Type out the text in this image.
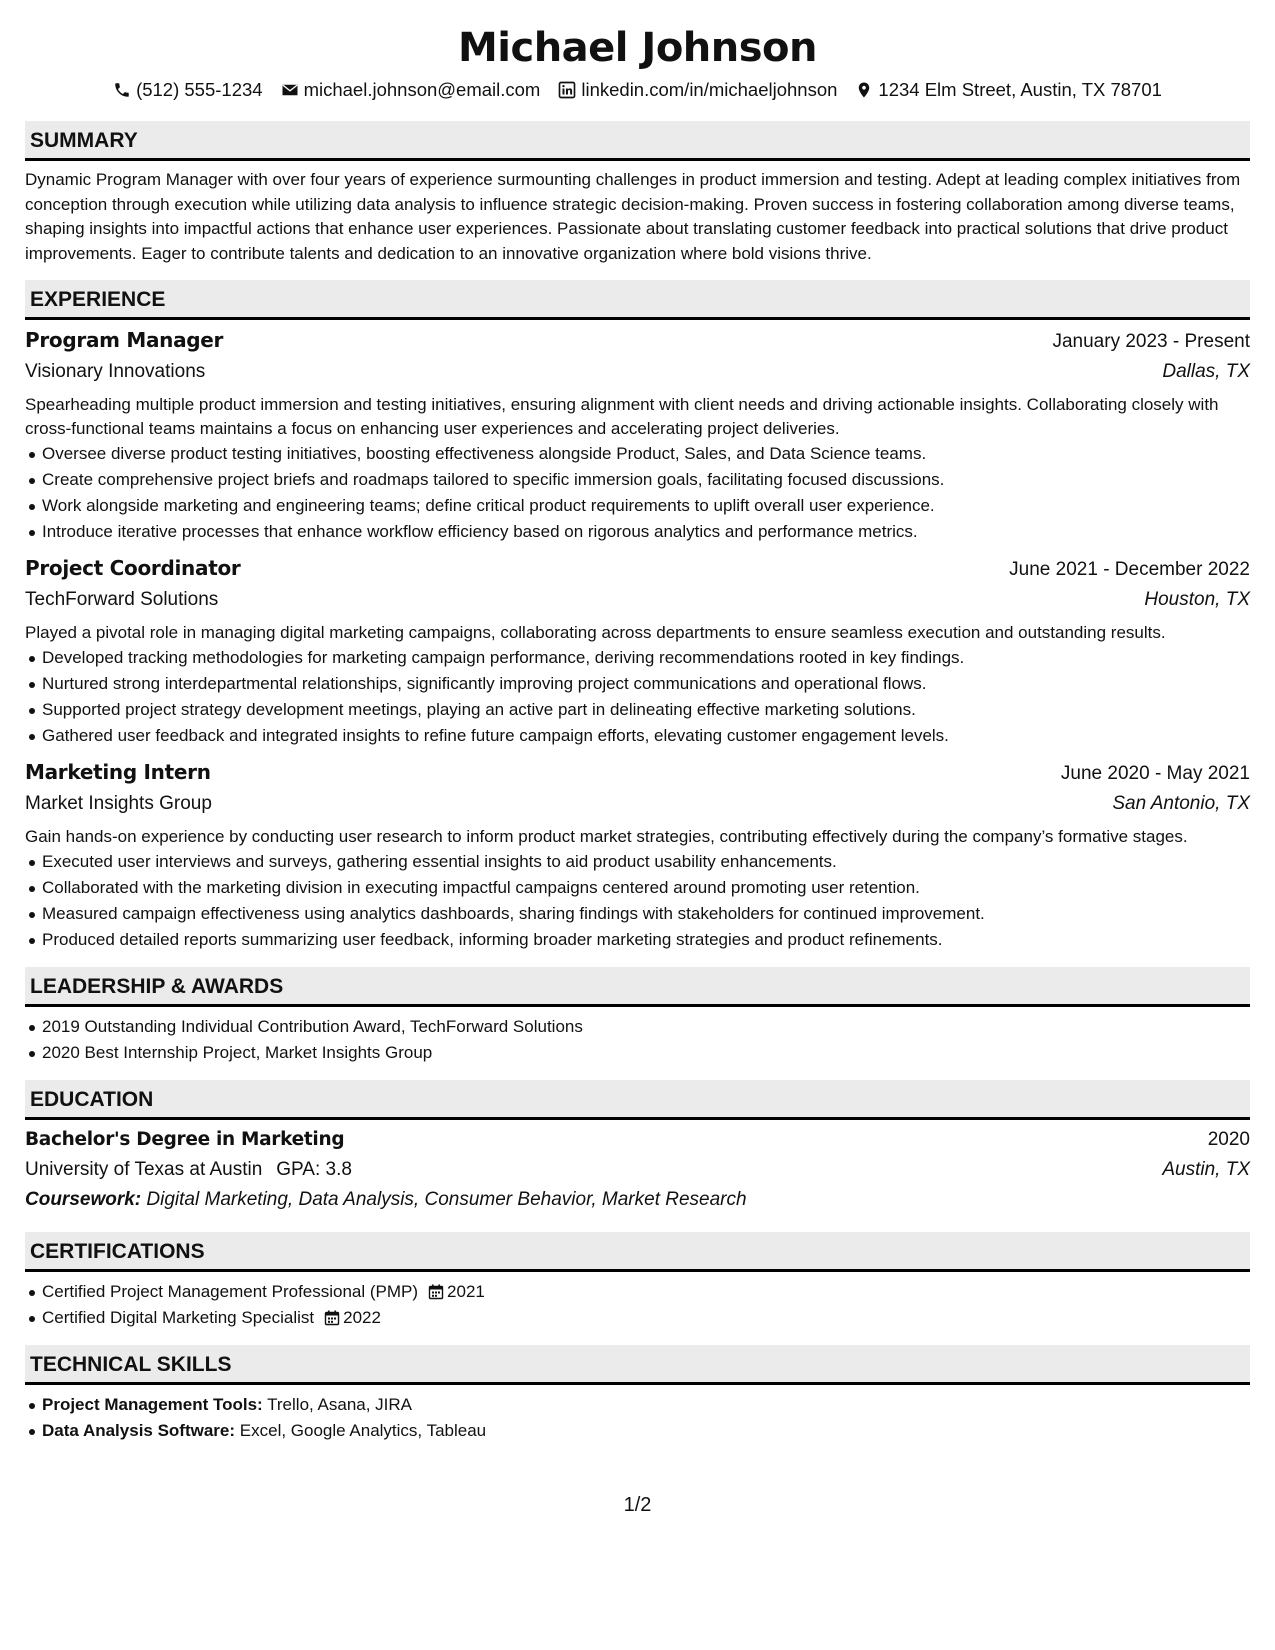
Michael Johnson
(512) 555-1234 michael.johnson@email.com linkedin.com/in/michaeljohnson 1234 Elm Street, Austin, TX 78701
SUMMARY
Dynamic Program Manager with over four years of experience surmounting challenges in product immersion and testing. Adept at leading complex initiatives from conception through execution while utilizing data analysis to influence strategic decision-making. Proven success in fostering collaboration among diverse teams, shaping insights into impactful actions that enhance user experiences. Passionate about translating customer feedback into practical solutions that drive product improvements. Eager to contribute talents and dedication to an innovative organization where bold visions thrive.
EXPERIENCE
Program Manager	January 2023 - Present
Visionary Innovations	Dallas, TX
Spearheading multiple product immersion and testing initiatives, ensuring alignment with client needs and driving actionable insights. Collaborating closely with cross-functional teams maintains a focus on enhancing user experiences and accelerating project deliveries.
Oversee diverse product testing initiatives, boosting effectiveness alongside Product, Sales, and Data Science teams.
Create comprehensive project briefs and roadmaps tailored to specific immersion goals, facilitating focused discussions.
Work alongside marketing and engineering teams; define critical product requirements to uplift overall user experience.
Introduce iterative processes that enhance workflow efficiency based on rigorous analytics and performance metrics.
Project Coordinator	June 2021 - December 2022
TechForward Solutions	Houston, TX
Played a pivotal role in managing digital marketing campaigns, collaborating across departments to ensure seamless execution and outstanding results.
Developed tracking methodologies for marketing campaign performance, deriving recommendations rooted in key findings.
Nurtured strong interdepartmental relationships, significantly improving project communications and operational flows.
Supported project strategy development meetings, playing an active part in delineating effective marketing solutions.
Gathered user feedback and integrated insights to refine future campaign efforts, elevating customer engagement levels.
Marketing Intern	June 2020 - May 2021
Market Insights Group	San Antonio, TX
Gain hands-on experience by conducting user research to inform product market strategies, contributing effectively during the company’s formative stages.
Executed user interviews and surveys, gathering essential insights to aid product usability enhancements.
Collaborated with the marketing division in executing impactful campaigns centered around promoting user retention.
Measured campaign effectiveness using analytics dashboards, sharing findings with stakeholders for continued improvement.
Produced detailed reports summarizing user feedback, informing broader marketing strategies and product refinements.
LEADERSHIP & AWARDS
2019 Outstanding Individual Contribution Award, TechForward Solutions
2020 Best Internship Project, Market Insights Group
EDUCATION
Bachelor's Degree in Marketing	2020
University of Texas at Austin GPA: 3.8	Austin, TX
Coursework: Digital Marketing, Data Analysis, Consumer Behavior, Market Research
CERTIFICATIONS
Certified Project Management Professional (PMP) 2021
Certified Digital Marketing Specialist 2022
TECHNICAL SKILLS
Project Management Tools: Trello, Asana, JIRA
Data Analysis Software: Excel, Google Analytics, Tableau
1/2
